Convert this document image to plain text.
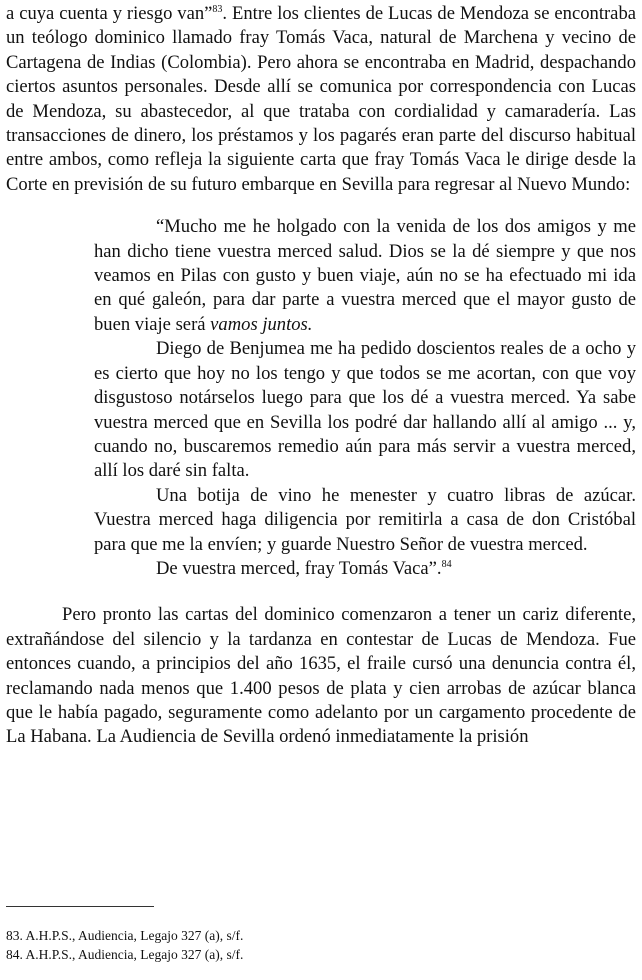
a cuya cuenta y riesgo van”$^{83}$. Entre los clientes de Lucas de Mendoza se encontraba un teólogo dominico llamado fray Tomás Vaca, natural de Marchena y vecino de Cartagena de Indias (Colombia). Pero ahora se encontraba en Madrid, despachando ciertos asuntos personales. Desde allí se comunica por correspondencia con Lucas de Mendoza, su abastecedor, al que trataba con cordialidad y camaradería. Las transacciones de dinero, los préstamos y los pagarés eran parte del discurso habitual entre ambos, como refleja la siguiente carta que fray Tomás Vaca le dirige desde la Corte en previsión de su futuro embarque en Sevilla para regresar al Nuevo Mundo:

“Mucho me he holgado con la venida de los dos amigos y me han dicho tiene vuestra merced salud. Dios se la dé siempre y que nos veamos en Pilas con gusto y buen viaje, aún no se ha efectuado mi ida en qué galeón, para dar parte a vuestra merced que el mayor gusto de buen viaje será vamos juntos.

Diego de Benjumea me ha pedido doscientos reales de a ocho y es cierto que hoy no los tengo y que todos se me acortan, con que voy disgustoso notárselos luego para que los dé a vuestra merced. Ya sabe vuestra merced que en Sevilla los podré dar hallando allí al amigo ... y, cuando no, buscaremos remedio aún para más servir a vuestra merced, allí los daré sin falta.

Una botija de vino he menester y cuatro libras de azúcar. Vuestra merced haga diligencia por remitirla a casa de don Cristóbal para que me la envíen; y guarde Nuestro Señor de vuestra merced.

De vuestra merced, fray Tomás Vaca”.$^{84}$

Pero pronto las cartas del dominico comenzaron a tener un cariz diferente, extrañándose del silencio y la tardanza en contestar de Lucas de Mendoza. Fue entonces cuando, a principios del año 1635, el fraile cursó una denuncia contra él, reclamando nada menos que 1.400 pesos de plata y cien arrobas de azúcar blanca que le había pagado, seguramente como adelanto por un cargamento procedente de La Habana. La Audiencia de Sevilla ordenó inmediatamente la prisión

83. A.H.P.S., Audiencia, Legajo 327 (a), s/f.

84. A.H.P.S., Audiencia, Legajo 327 (a), s/f.
